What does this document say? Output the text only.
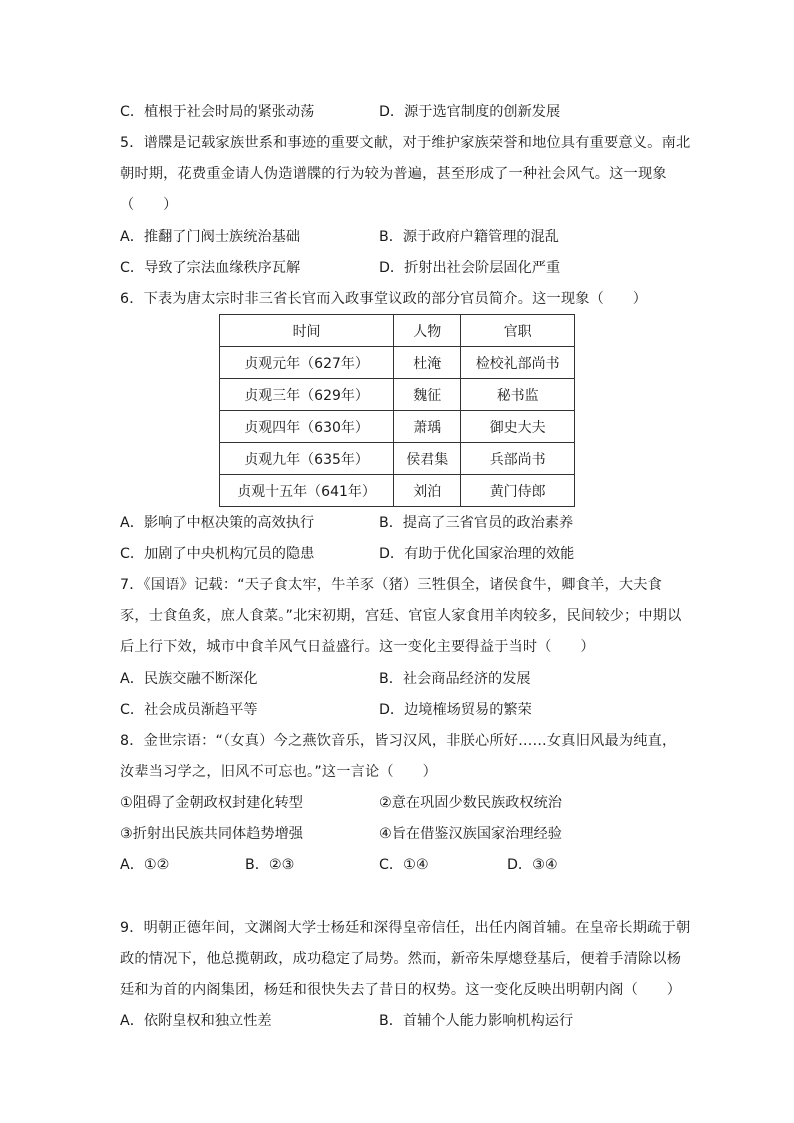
C．植根于社会时局的紧张动荡	D．源于选官制度的创新发展
5．谱牒是记载家族世系和事迹的重要文献，对于维护家族荣誉和地位具有重要意义。南北
朝时期，花费重金请人伪造谱牒的行为较为普遍，甚至形成了一种社会风气。这一现象
（　　）
A．推翻了门阀士族统治基础	B．源于政府户籍管理的混乱
C．导致了宗法血缘秩序瓦解	D．折射出社会阶层固化严重
6．下表为唐太宗时非三省长官而入政事堂议政的部分官员简介。这一现象（　　）
时间	人物	官职
贞观元年（627年）	杜淹	检校礼部尚书
贞观三年（629年）	魏征	秘书监
贞观四年（630年）	萧瑀	御史大夫
贞观九年（635年）	侯君集	兵部尚书
贞观十五年（641年）	刘泊	黄门侍郎
A．影响了中枢决策的高效执行	B．提高了三省官员的政治素养
C．加剧了中央机构冗员的隐患	D．有助于优化国家治理的效能
7．《国语》记载：“天子食太牢，牛羊豕（猪）三牲俱全，诸侯食牛，卿食羊，大夫食
豕，士食鱼炙，庶人食菜。”北宋初期，宫廷、官宦人家食用羊肉较多，民间较少；中期以
后上行下效，城市中食羊风气日益盛行。这一变化主要得益于当时（　　）
A．民族交融不断深化	B．社会商品经济的发展
C．社会成员渐趋平等	D．边境榷场贸易的繁荣
8．金世宗语：“（女真）今之燕饮音乐，皆习汉风，非朕心所好……女真旧风最为纯直，
汝辈当习学之，旧风不可忘也。”这一言论（　　）
①阻碍了金朝政权封建化转型	②意在巩固少数民族政权统治
③折射出民族共同体趋势增强	④旨在借鉴汉族国家治理经验
A．①②	B．②③	C．①④	D．③④
9．明朝正德年间，文渊阁大学士杨廷和深得皇帝信任，出任内阁首辅。在皇帝长期疏于朝
政的情况下，他总揽朝政，成功稳定了局势。然而，新帝朱厚熜登基后，便着手清除以杨
廷和为首的内阁集团，杨廷和很快失去了昔日的权势。这一变化反映出明朝内阁（　　）
A．依附皇权和独立性差	B．首辅个人能力影响机构运行
